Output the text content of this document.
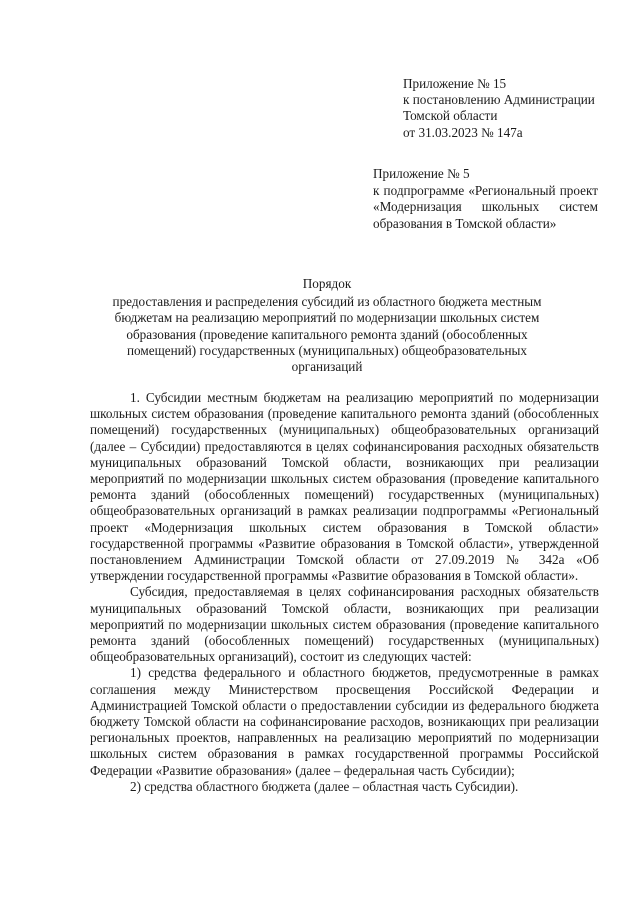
Приложение № 15
к постановлению Администрации
Томской области
от 31.03.2023 № 147а
Приложение № 5
к подпрограмме «Региональный проект «Модернизация школьных систем образования в Томской области»
Порядок
предоставления и распределения субсидий из областного бюджета местным бюджетам на реализацию мероприятий по модернизации школьных систем образования (проведение капитального ремонта зданий (обособленных помещений) государственных (муниципальных) общеобразовательных организаций

1. Субсидии местным бюджетам на реализацию мероприятий по модернизации школьных систем образования (проведение капитального ремонта зданий (обособленных помещений) государственных (муниципальных) общеобразовательных организаций (далее – Субсидии) предоставляются в целях софинансирования расходных обязательств муниципальных образований Томской области, возникающих при реализации мероприятий по модернизации школьных систем образования (проведение капитального ремонта зданий (обособленных помещений) государственных (муниципальных) общеобразовательных организаций в рамках реализации подпрограммы «Региональный проект «Модернизация школьных систем образования в Томской области» государственной программы «Развитие образования в Томской области», утвержденной постановлением Администрации Томской области от 27.09.2019 № 342а «Об утверждении государственной программы «Развитие образования в Томской области».

Субсидия, предоставляемая в целях софинансирования расходных обязательств муниципальных образований Томской области, возникающих при реализации мероприятий по модернизации школьных систем образования (проведение капитального ремонта зданий (обособленных помещений) государственных (муниципальных) общеобразовательных организаций), состоит из следующих частей:

1) средства федерального и областного бюджетов, предусмотренные в рамках соглашения между Министерством просвещения Российской Федерации и Администрацией Томской области о предоставлении субсидии из федерального бюджета бюджету Томской области на софинансирование расходов, возникающих при реализации региональных проектов, направленных на реализацию мероприятий по модернизации школьных систем образования в рамках государственной программы Российской Федерации «Развитие образования» (далее – федеральная часть Субсидии);

2) средства областного бюджета (далее – областная часть Субсидии).
